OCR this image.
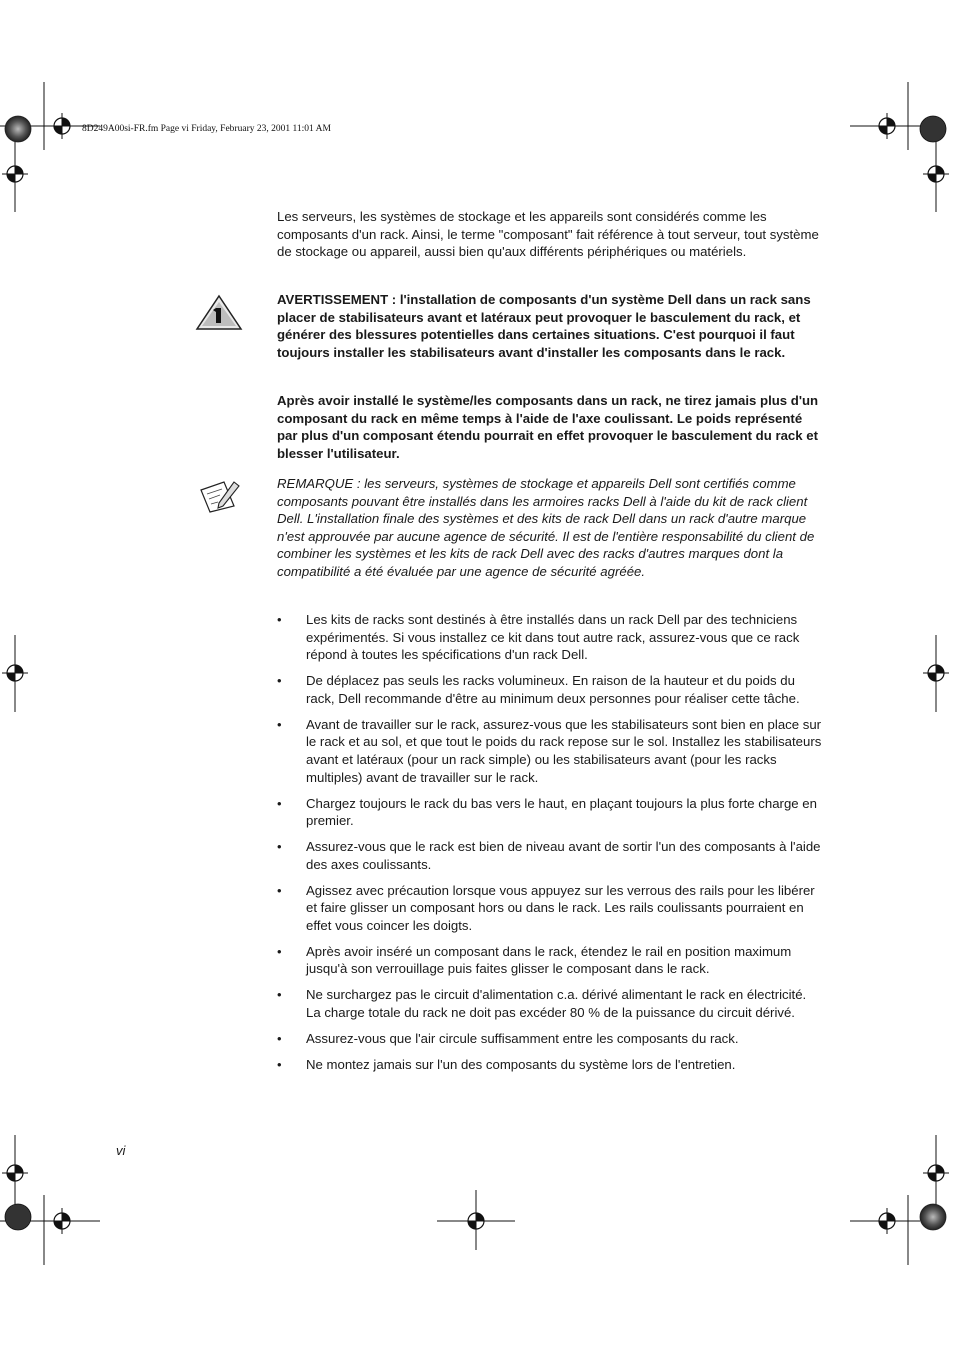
8D249A00si-FR.fm Page vi Friday, February 23, 2001 11:01 AM

Les serveurs, les systèmes de stockage et les appareils sont considérés comme les composants d'un rack. Ainsi, le terme "composant" fait référence à tout serveur, tout système de stockage ou appareil, aussi bien qu'aux différents périphériques ou matériels.

AVERTISSEMENT : l'installation de composants d'un système Dell dans un rack sans placer de stabilisateurs avant et latéraux peut provoquer le basculement du rack, et générer des blessures potentielles dans certaines situations. C'est pourquoi il faut toujours installer les stabilisateurs avant d'installer les composants dans le rack.

Après avoir installé le système/les composants dans un rack, ne tirez jamais plus d'un composant du rack en même temps à l'aide de l'axe coulissant. Le poids représenté par plus d'un composant étendu pourrait en effet provoquer le basculement du rack et blesser l'utilisateur.

REMARQUE : les serveurs, systèmes de stockage et appareils Dell sont certifiés comme composants pouvant être installés dans les armoires racks Dell à l'aide du kit de rack client Dell. L'installation finale des systèmes et des kits de rack Dell dans un rack d'autre marque n'est approuvée par aucune agence de sécurité. Il est de l'entière responsabilité du client de combiner les systèmes et les kits de rack Dell avec des racks d'autres marques dont la compatibilité a été évaluée par une agence de sécurité agréée.

• Les kits de racks sont destinés à être installés dans un rack Dell par des techniciens expérimentés. Si vous installez ce kit dans tout autre rack, assurez-vous que ce rack répond à toutes les spécifications d'un rack Dell.
• De déplacez pas seuls les racks volumineux. En raison de la hauteur et du poids du rack, Dell recommande d'être au minimum deux personnes pour réaliser cette tâche.
• Avant de travailler sur le rack, assurez-vous que les stabilisateurs sont bien en place sur le rack et au sol, et que tout le poids du rack repose sur le sol. Installez les stabilisateurs avant et latéraux (pour un rack simple) ou les stabilisateurs avant (pour les racks multiples) avant de travailler sur le rack.
• Chargez toujours le rack du bas vers le haut, en plaçant toujours la plus forte charge en premier.
• Assurez-vous que le rack est bien de niveau avant de sortir l'un des composants à l'aide des axes coulissants.
• Agissez avec précaution lorsque vous appuyez sur les verrous des rails pour les libérer et faire glisser un composant hors ou dans le rack. Les rails coulissants pourraient en effet vous coincer les doigts.
• Après avoir inséré un composant dans le rack, étendez le rail en position maximum jusqu'à son verrouillage puis faites glisser le composant dans le rack.
• Ne surchargez pas le circuit d'alimentation c.a. dérivé alimentant le rack en électricité. La charge totale du rack ne doit pas excéder 80 % de la puissance du circuit dérivé.
• Assurez-vous que l'air circule suffisamment entre les composants du rack.
• Ne montez jamais sur l'un des composants du système lors de l'entretien.
vi
